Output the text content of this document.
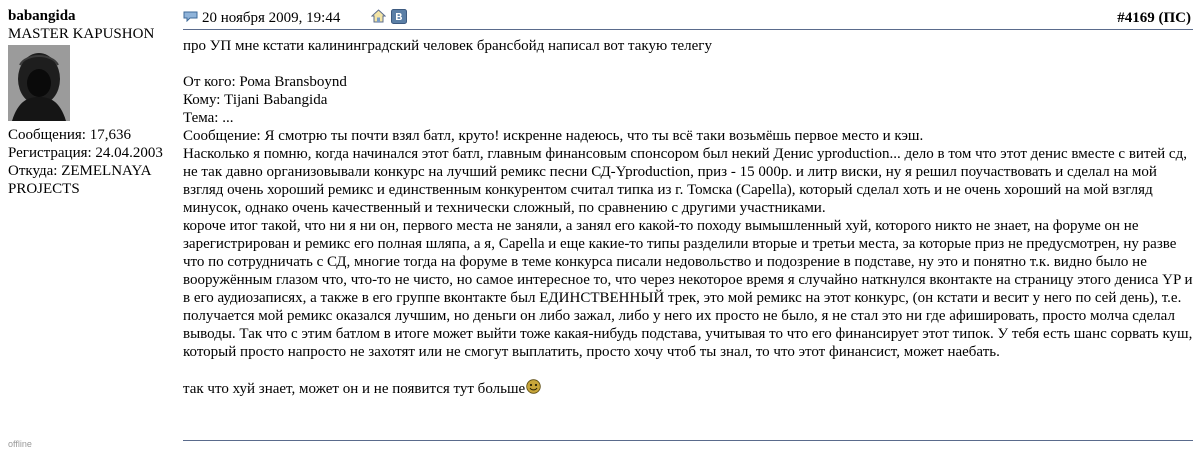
babangida
MASTER KAPUSHON
Сообщения: 17,636
Регистрация: 24.04.2003
Откуда: ZEMELNAYA
PROJECTS
offline
20 ноября 2009, 19:44	#4169 (ПС)

про УП мне кстати калининградский человек брансбойд написал вот такую телегу

От кого: Рома Bransboynd

Кому: Tijani Babangida

Тема: ...

Сообщение: Я смотрю ты почти взял батл, круто! искренне надеюсь, что ты всё таки возьмёшь первое место и кэш.

Насколько я помню, когда начинался этот батл, главным финансовым спонсором был некий Денис yproduction... дело в том что этот денис вместе с витей сд, не так давно организовывали конкурс на лучший ремикс песни СД-Yproduction, приз - 15 000р. и литр виски, ну я решил поучаствовать и сделал на мой взгляд очень хороший ремикс и единственным конкурентом считал типка из г. Томска (Capella), который сделал хоть и не очень хороший на мой взгляд минусок, однако очень качественный и технически сложный, по сравнению с другими участниками.

короче итог такой, что ни я ни он, первого места не заняли, а занял его какой-то походу вымышленный хуй, которого никто не знает, на форуме он не зарегистрирован и ремикс его полная шляпа, а я, Capella и еще какие-то типы разделили вторые и третьи места, за которые приз не предусмотрен, ну разве что по сотрудничать с СД, многие тогда на форуме в теме конкурса писали недовольство и подозрение в подставе, ну это и понятно т.к. видно было не вооружённым глазом что, что-то не чисто, но самое интересное то, что через некоторое время я случайно наткнулся вконтакте на страницу этого дениса YP и в его аудиозаписях, а также в его группе вконтакте был ЕДИНСТВЕННЫЙ трек, это мой ремикс на этот конкурс, (он кстати и весит у него по сей день), т.е. получается мой ремикс оказался лучшим, но деньги он либо зажал, либо у него их просто не было, я не стал это ни где афишировать, просто молча сделал выводы. Так что с этим батлом в итоге может выйти тоже какая-нибудь подстава, учитывая то что его финансирует этот типок. У тебя есть шанс сорвать куш, который просто напросто не захотят или не смогут выплатить, просто хочу чтоб ты знал, то что этот финансист, может наебать.

так что хуй знает, может он и не появится тут больше
